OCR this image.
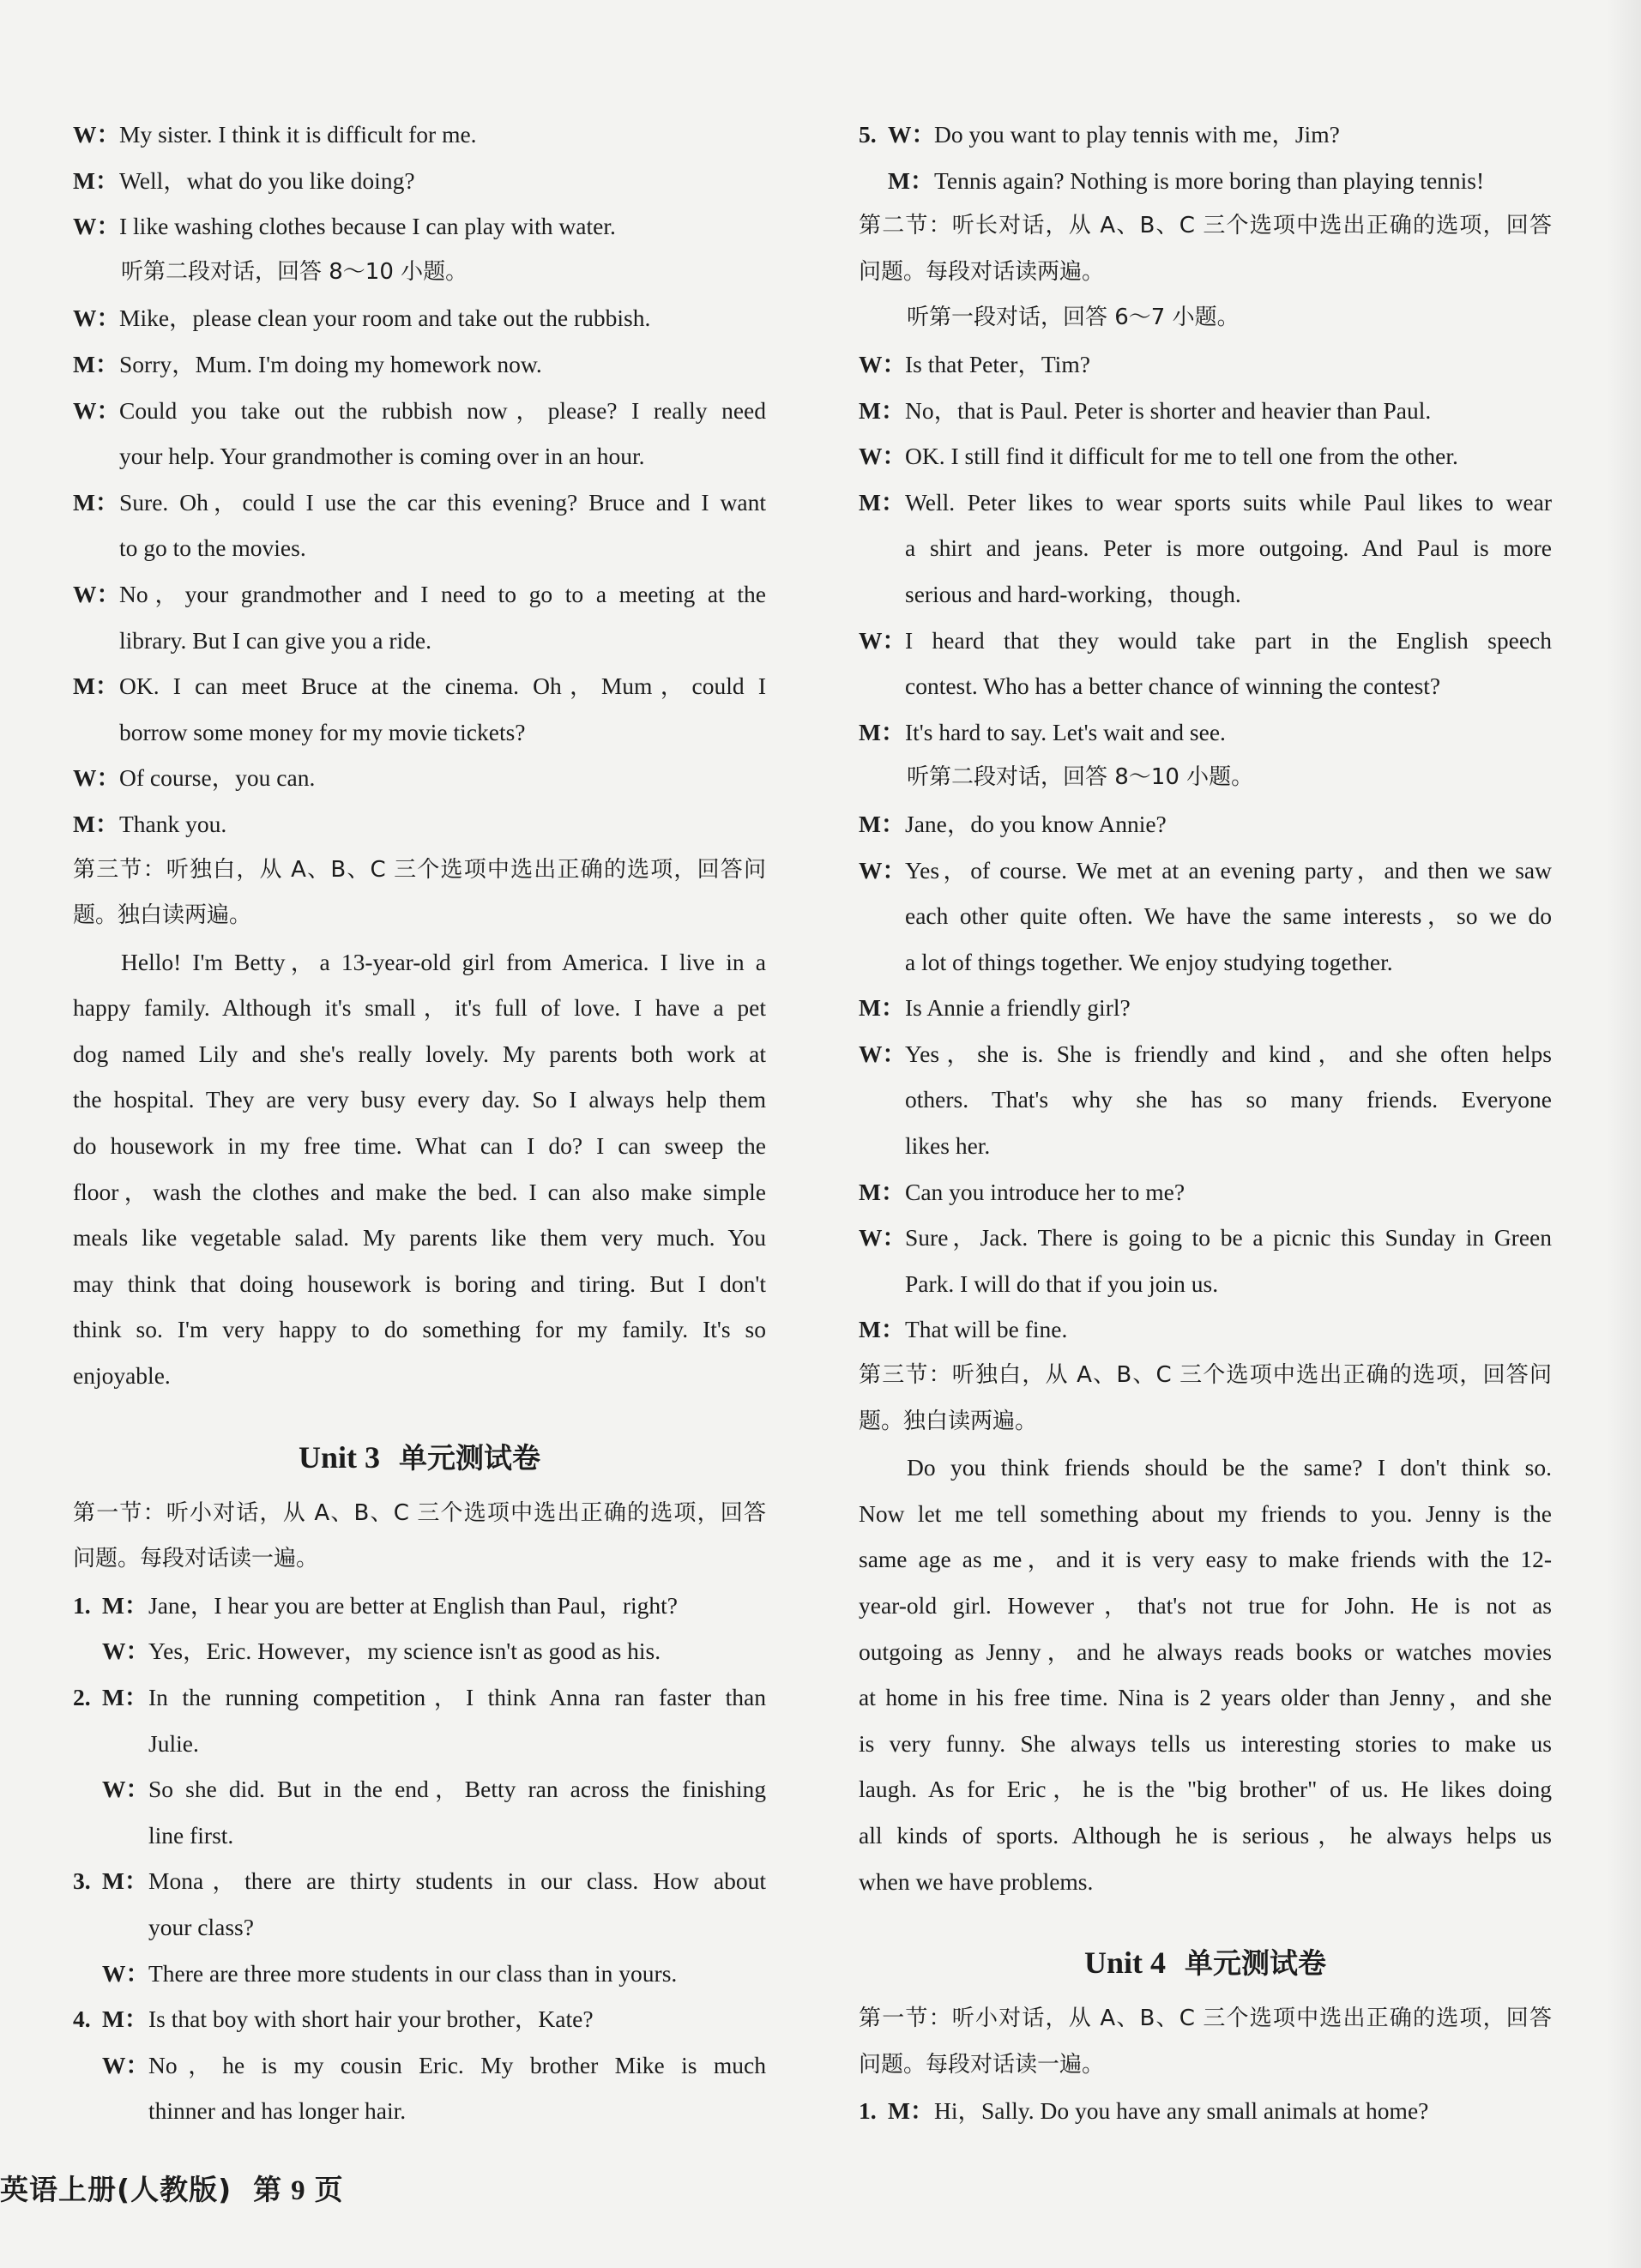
W：My sister. I think it is difficult for me.
M：Well，what do you like doing?
W：I like washing clothes because I can play with water.
听第二段对话，回答 8～10 小题。
W：Mike，please clean your room and take out the rubbish.
M：Sorry，Mum. I'm doing my homework now.
W：Could you take out the rubbish now，please? I really need
your help. Your grandmother is coming over in an hour.
M：Sure. Oh，could I use the car this evening? Bruce and I want
to go to the movies.
W：No，your grandmother and I need to go to a meeting at the
library. But I can give you a ride.
M：OK. I can meet Bruce at the cinema. Oh，Mum，could I
borrow some money for my movie tickets?
W：Of course，you can.
M：Thank you.
第三节：听独白，从 A、B、C 三个选项中选出正确的选项，回答问
题。独白读两遍。
Hello! I'm Betty，a 13-year-old girl from America. I live in a
happy family. Although it's small，it's full of love. I have a pet
dog named Lily and she's really lovely. My parents both work at
the hospital. They are very busy every day. So I always help them
do housework in my free time. What can I do? I can sweep the
floor，wash the clothes and make the bed. I can also make simple
meals like vegetable salad. My parents like them very much. You
may think that doing housework is boring and tiring. But I don't
think so. I'm very happy to do something for my family. It's so
enjoyable.
Unit 3 单元测试卷
第一节：听小对话，从 A、B、C 三个选项中选出正确的选项，回答
问题。每段对话读一遍。
1. M：Jane，I hear you are better at English than Paul，right?
W：Yes，Eric. However，my science isn't as good as his.
2. M：In the running competition，I think Anna ran faster than
Julie.
W：So she did. But in the end，Betty ran across the finishing
line first.
3. M：Mona，there are thirty students in our class. How about
your class?
W：There are three more students in our class than in yours.
4. M：Is that boy with short hair your brother，Kate?
W：No，he is my cousin Eric. My brother Mike is much
thinner and has longer hair.
5. W：Do you want to play tennis with me，Jim?
M：Tennis again? Nothing is more boring than playing tennis!
第二节：听长对话，从 A、B、C 三个选项中选出正确的选项，回答
问题。每段对话读两遍。
听第一段对话，回答 6～7 小题。
W：Is that Peter，Tim?
M：No，that is Paul. Peter is shorter and heavier than Paul.
W：OK. I still find it difficult for me to tell one from the other.
M：Well. Peter likes to wear sports suits while Paul likes to wear
a shirt and jeans. Peter is more outgoing. And Paul is more
serious and hard-working，though.
W：I heard that they would take part in the English speech
contest. Who has a better chance of winning the contest?
M：It's hard to say. Let's wait and see.
听第二段对话，回答 8～10 小题。
M：Jane，do you know Annie?
W：Yes，of course. We met at an evening party，and then we saw
each other quite often. We have the same interests，so we do
a lot of things together. We enjoy studying together.
M：Is Annie a friendly girl?
W：Yes，she is. She is friendly and kind，and she often helps
others. That's why she has so many friends. Everyone
likes her.
M：Can you introduce her to me?
W：Sure，Jack. There is going to be a picnic this Sunday in Green
Park. I will do that if you join us.
M：That will be fine.
第三节：听独白，从 A、B、C 三个选项中选出正确的选项，回答问
题。独白读两遍。
Do you think friends should be the same? I don't think so.
Now let me tell something about my friends to you. Jenny is the
same age as me，and it is very easy to make friends with the 12-
year-old girl. However，that's not true for John. He is not as
outgoing as Jenny，and he always reads books or watches movies
at home in his free time. Nina is 2 years older than Jenny，and she
is very funny. She always tells us interesting stories to make us
laugh. As for Eric，he is the "big brother" of us. He likes doing
all kinds of sports. Although he is serious，he always helps us
when we have problems.
Unit 4 单元测试卷
第一节：听小对话，从 A、B、C 三个选项中选出正确的选项，回答
问题。每段对话读一遍。
1. M：Hi，Sally. Do you have any small animals at home?
英语上册(人教版) 第 9 页
